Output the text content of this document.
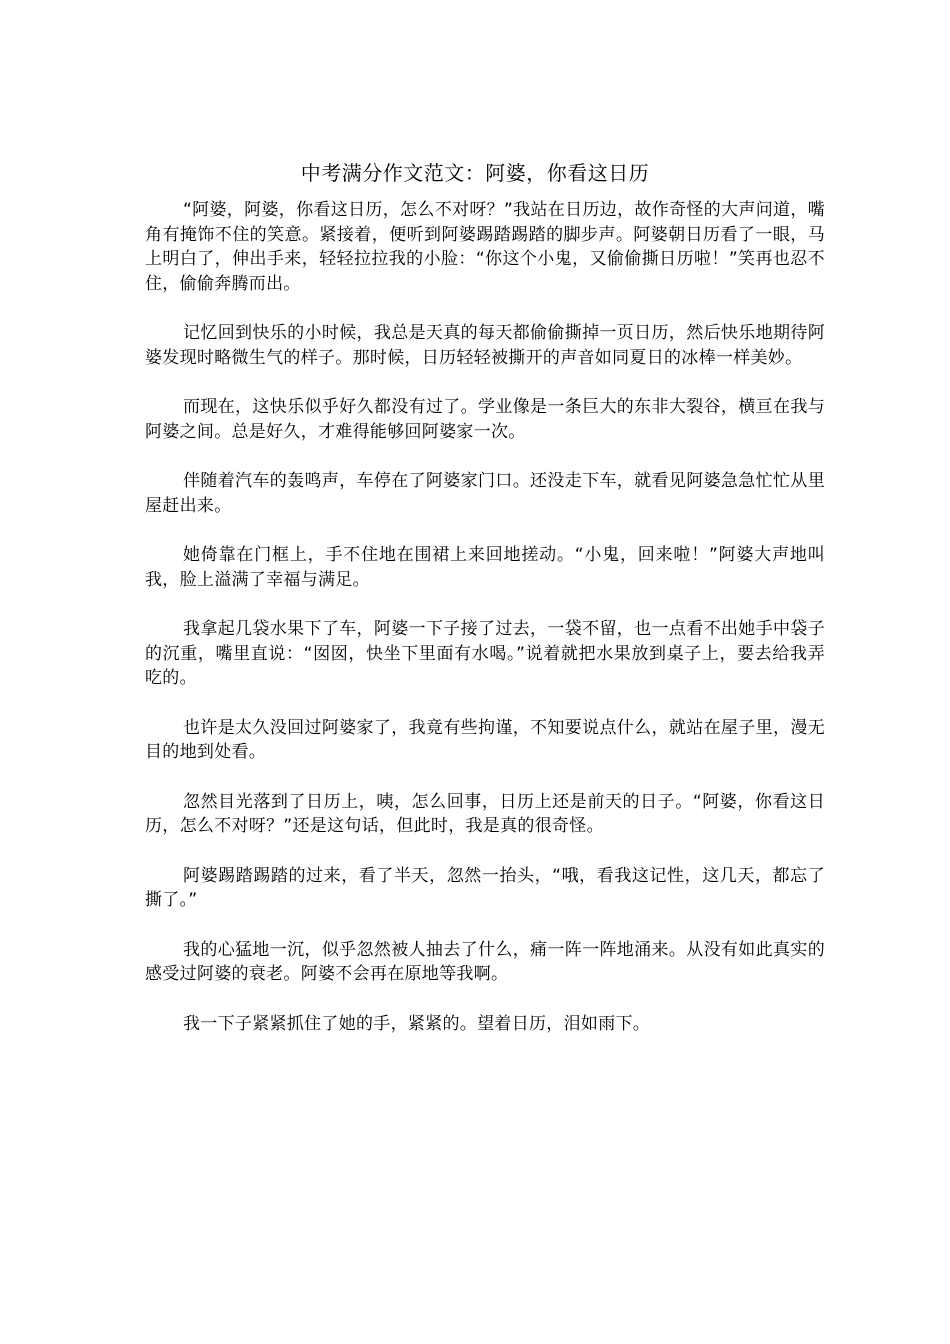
中考满分作文范文：阿婆，你看这日历

“阿婆，阿婆，你看这日历，怎么不对呀？”我站在日历边，故作奇怪的大声问道，嘴角有掩饰不住的笑意。紧接着，便听到阿婆踢踏踢踏的脚步声。阿婆朝日历看了一眼，马上明白了，伸出手来，轻轻拉拉我的小脸：“你这个小鬼，又偷偷撕日历啦！”笑再也忍不住，偷偷奔腾而出。

记忆回到快乐的小时候，我总是天真的每天都偷偷撕掉一页日历，然后快乐地期待阿婆发现时略微生气的样子。那时候，日历轻轻被撕开的声音如同夏日的冰棒一样美妙。

而现在，这快乐似乎好久都没有过了。学业像是一条巨大的东非大裂谷，横亘在我与阿婆之间。总是好久，才难得能够回阿婆家一次。

伴随着汽车的轰鸣声，车停在了阿婆家门口。还没走下车，就看见阿婆急急忙忙从里屋赶出来。

她倚靠在门框上，手不住地在围裙上来回地搓动。“小鬼，回来啦！”阿婆大声地叫我，脸上溢满了幸福与满足。

我拿起几袋水果下了车，阿婆一下子接了过去，一袋不留，也一点看不出她手中袋子的沉重，嘴里直说：“囡囡，快坐下里面有水喝。”说着就把水果放到桌子上，要去给我弄吃的。

也许是太久没回过阿婆家了，我竟有些拘谨，不知要说点什么，就站在屋子里，漫无目的地到处看。

忽然目光落到了日历上，咦，怎么回事，日历上还是前天的日子。“阿婆，你看这日历，怎么不对呀？”还是这句话，但此时，我是真的很奇怪。

阿婆踢踏踢踏的过来，看了半天，忽然一抬头，“哦，看我这记性，这几天，都忘了撕了。”

我的心猛地一沉，似乎忽然被人抽去了什么，痛一阵一阵地涌来。从没有如此真实的感受过阿婆的衰老。阿婆不会再在原地等我啊。

我一下子紧紧抓住了她的手，紧紧的。望着日历，泪如雨下。
